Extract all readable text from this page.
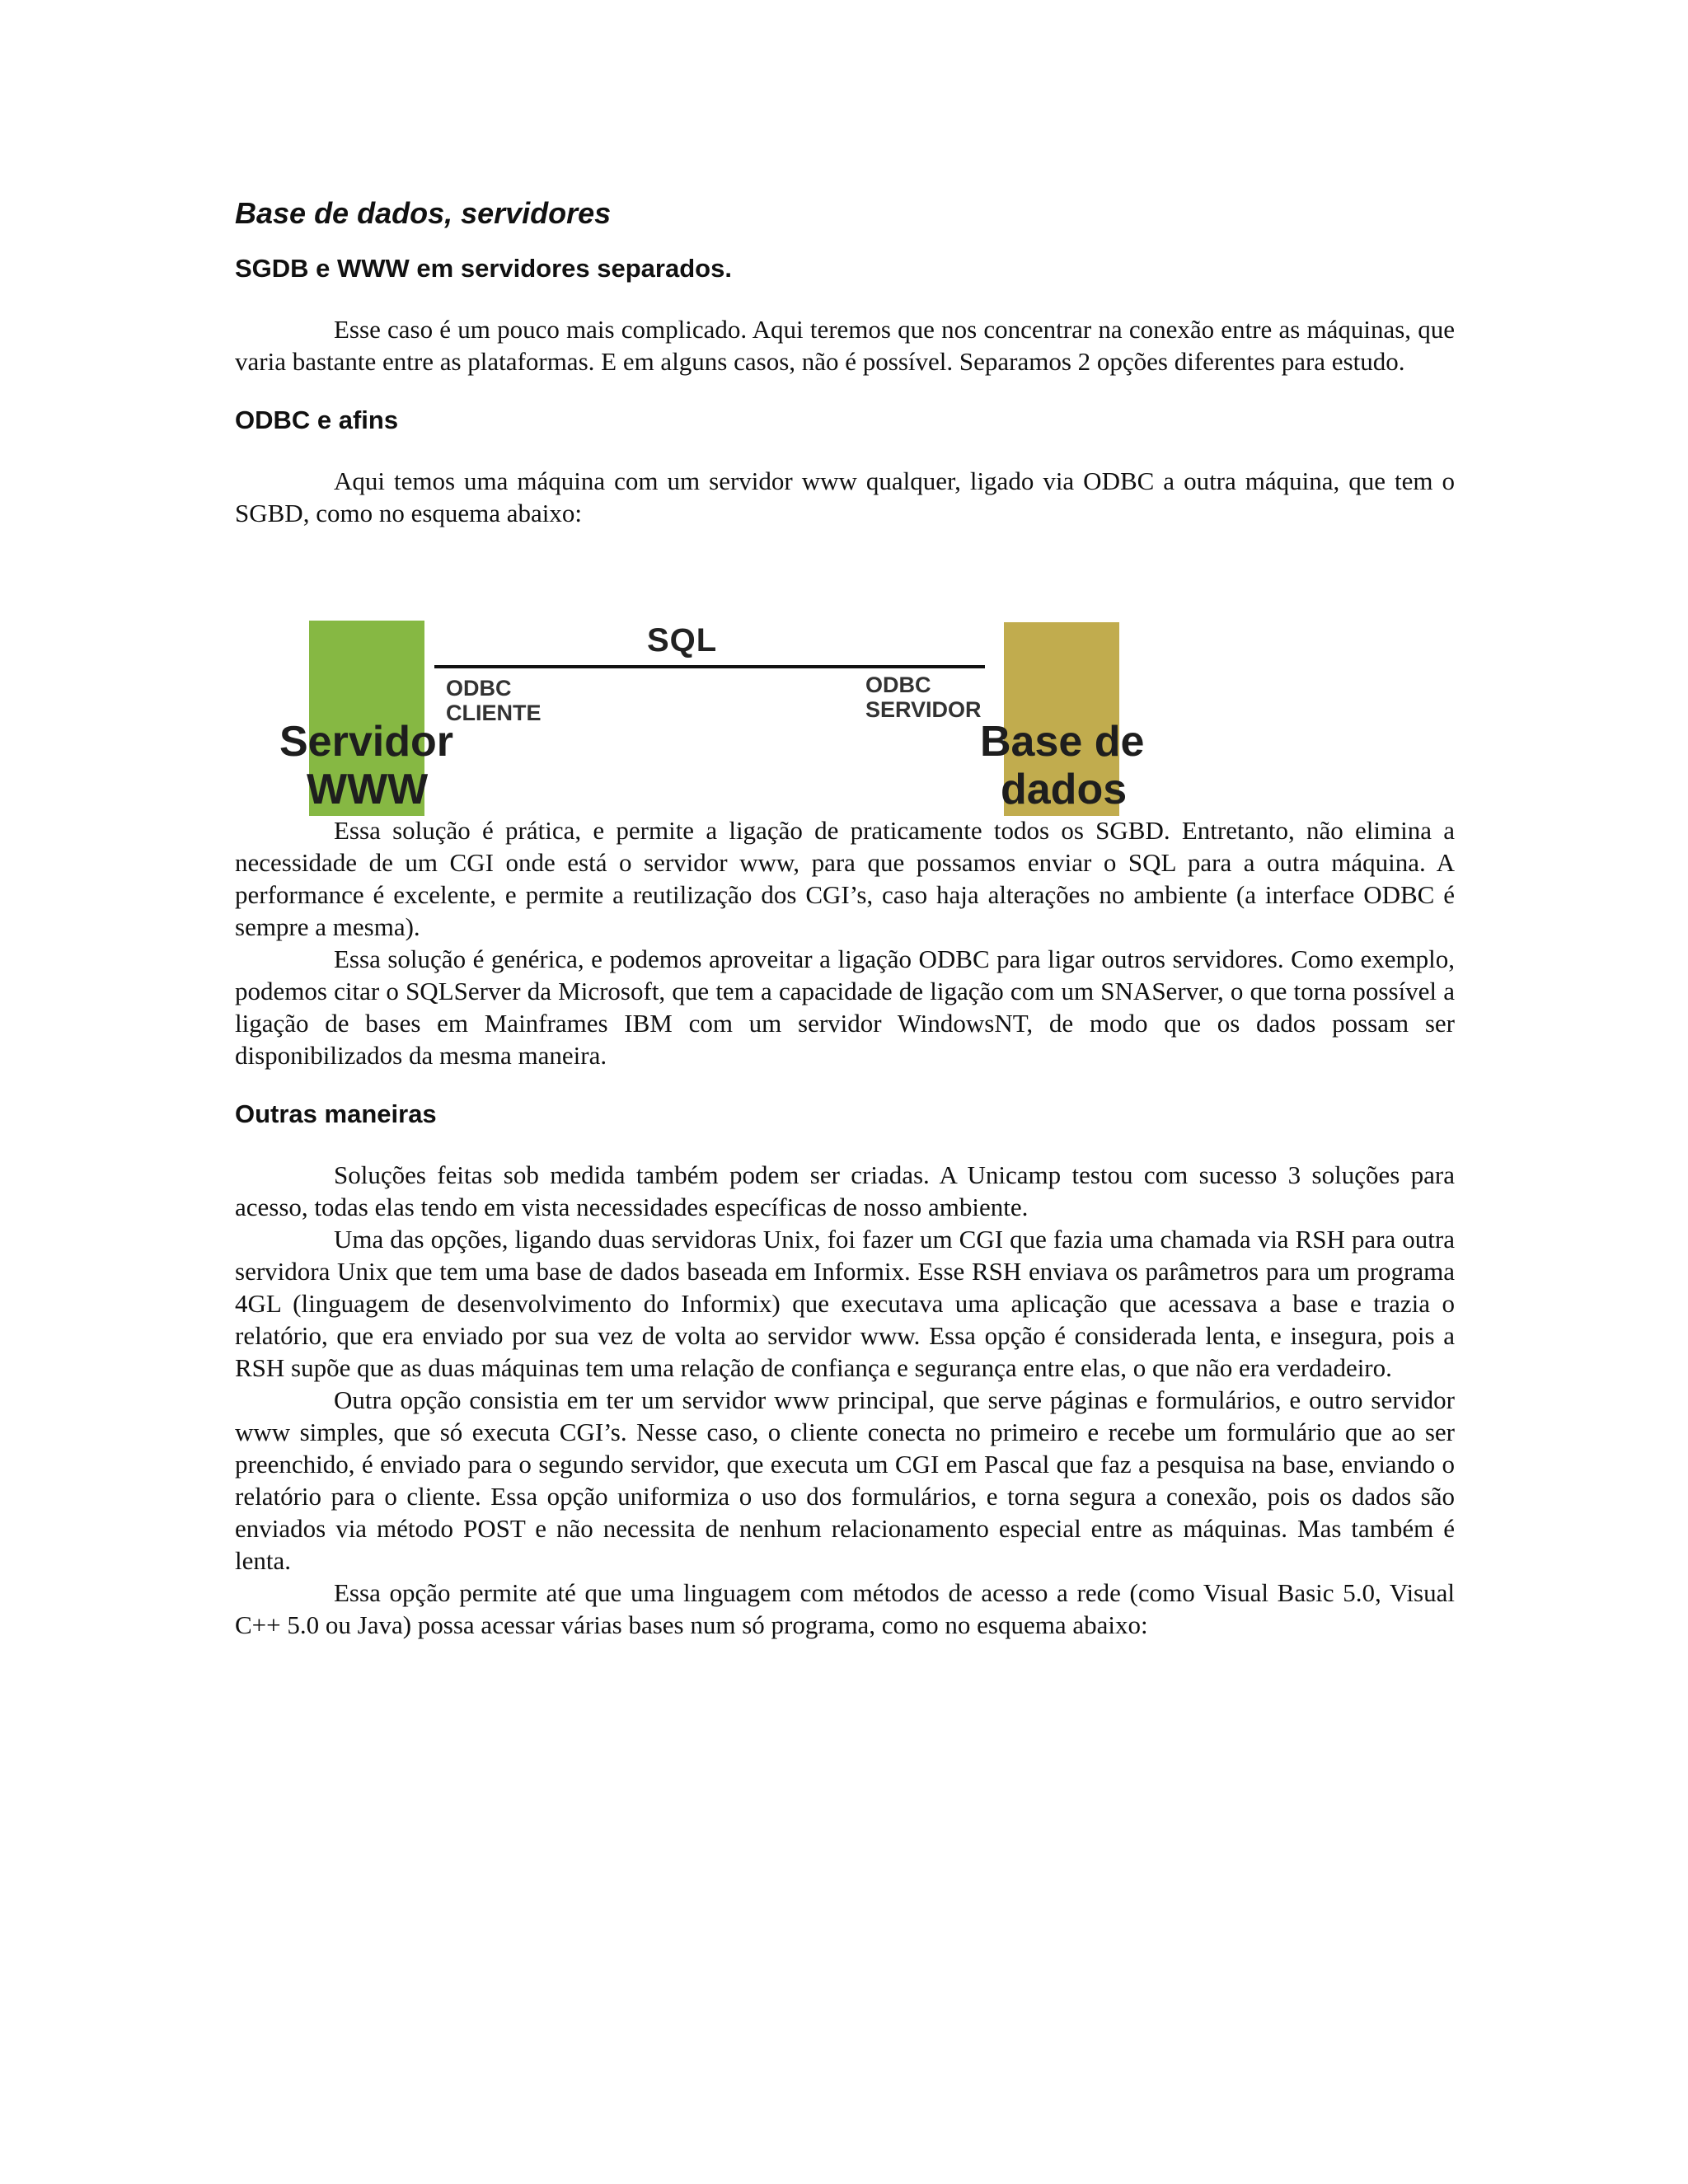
Base de dados, servidores
SGDB e WWW em servidores separados.

Esse caso é um pouco mais complicado. Aqui teremos que nos concentrar na conexão entre as máquinas, que varia bastante entre as plataformas. E em alguns casos, não é possível. Separamos 2 opções diferentes para estudo.

ODBC e afins

Aqui temos uma máquina com um servidor www qualquer, ligado via ODBC a outra máquina, que tem o SGBD, como no esquema abaixo:

Essa solução é prática, e permite a ligação de praticamente todos os SGBD. Entretanto, não elimina a necessidade de um CGI onde está o servidor www, para que possamos enviar o SQL para a outra máquina. A performance é excelente, e permite a reutilização dos CGI’s, caso haja alterações no ambiente (a interface ODBC é sempre a mesma).

Essa solução é genérica, e podemos aproveitar a ligação ODBC para ligar outros servidores. Como exemplo, podemos citar o SQLServer da Microsoft, que tem a capacidade de ligação com um SNAServer, o que torna possível a ligação de bases em Mainframes IBM com um servidor WindowsNT, de modo que os dados possam ser disponibilizados da mesma maneira.

Outras maneiras

Soluções feitas sob medida também podem ser criadas. A Unicamp testou com sucesso 3 soluções para acesso, todas elas tendo em vista necessidades específicas de nosso ambiente.

Uma das opções, ligando duas servidoras Unix, foi fazer um CGI que fazia uma chamada via RSH para outra servidora Unix que tem uma base de dados baseada em Informix. Esse RSH enviava os parâmetros para um programa 4GL (linguagem de desenvolvimento do Informix) que executava uma aplicação que acessava a base e trazia o relatório, que era enviado por sua vez de volta ao servidor www. Essa opção é considerada lenta, e insegura, pois a RSH supõe que as duas máquinas tem uma relação de confiança e segurança entre elas, o que não era verdadeiro.

Outra opção consistia em ter um servidor www principal, que serve páginas e formulários, e outro servidor www simples, que só executa CGI’s. Nesse caso, o cliente conecta no primeiro e recebe um formulário que ao ser preenchido, é enviado para o segundo servidor, que executa um CGI em Pascal que faz a pesquisa na base, enviando o relatório para o cliente. Essa opção uniformiza o uso dos formulários, e torna segura a conexão, pois os dados são enviados via método POST e não necessita de nenhum relacionamento especial entre as máquinas. Mas também é lenta.

Essa opção permite até que uma linguagem com métodos de acesso a rede (como Visual Basic 5.0, Visual C++ 5.0 ou Java) possa acessar várias bases num só programa, como no esquema abaixo:

SQL
ODBC
CLIENTE
ODBC
SERVIDOR
Servidor
WWW
Base de
dados
